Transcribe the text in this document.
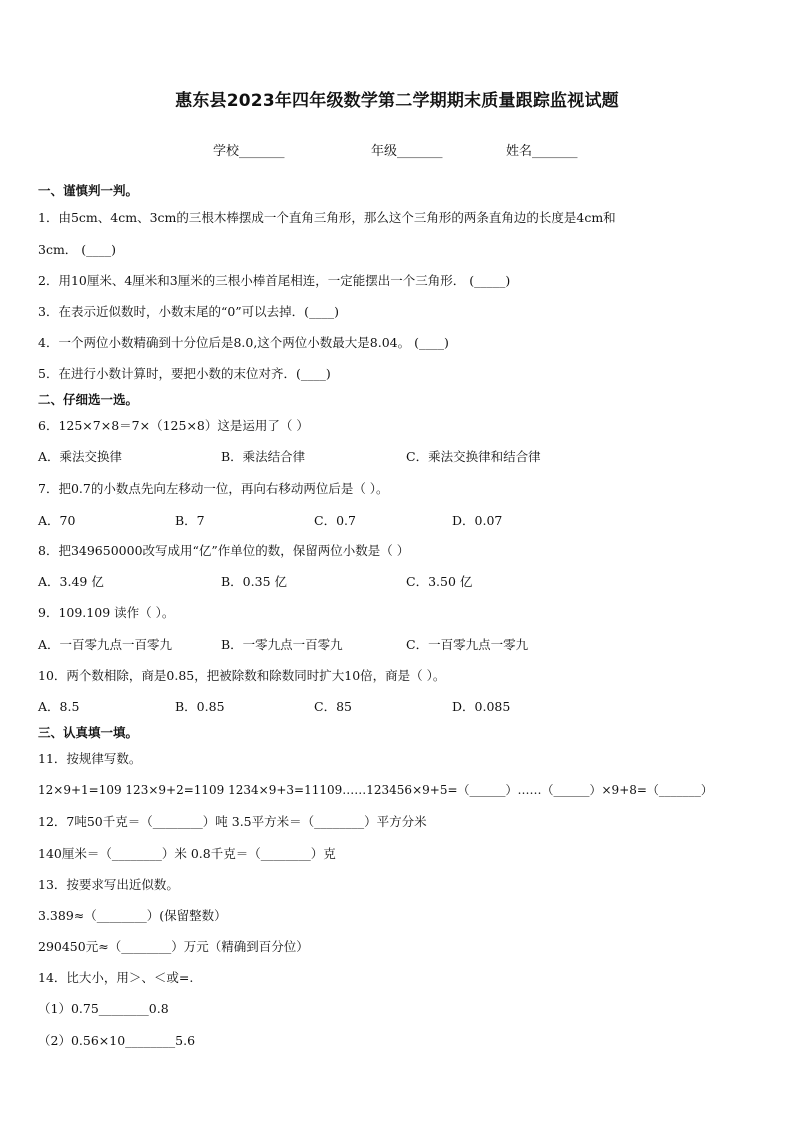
惠东县2023年四年级数学第二学期期末质量跟踪监视试题
学校_______	年级_______	姓名_______
一、谨慎判一判。
1．由5cm、4cm、3cm的三根木棒摆成一个直角三角形，那么这个三角形的两条直角边的长度是4cm和
3cm． (____)
2．用10厘米、4厘米和3厘米的三根小棒首尾相连，一定能摆出一个三角形． (_____)
3．在表示近似数时，小数末尾的“0”可以去掉．(____)
4．一个两位小数精确到十分位后是8.0,这个两位小数最大是8.04。 (____)
5．在进行小数计算时，要把小数的末位对齐．(____)
二、仔细选一选。
6．125×7×8＝7×（125×8）这是运用了（ ）
A．乘法交换律	B．乘法结合律	C．乘法交换律和结合律
7．把0.7的小数点先向左移动一位，再向右移动两位后是（ ）。
A．70	B．7	C．0.7	D．0.07
8．把349650000改写成用“亿”作单位的数，保留两位小数是（ ）
A．3.49 亿	B．0.35 亿	C．3.50 亿
9．109.109 读作（ ）。
A．一百零九点一百零九	B．一零九点一百零九	C．一百零九点一零九
10．两个数相除，商是0.85，把被除数和除数同时扩大10倍，商是（ ）。
A．8.5	B．0.85	C．85	D．0.085
三、认真填一填。
11．按规律写数。
12×9+1=109 123×9+2=1109 1234×9+3=11109……123456×9+5=（______）……（______）×9+8=（_______）
12．7吨50千克＝（________）吨 3.5平方米＝（________）平方分米
140厘米＝（________）米 0.8千克＝（________）克
13．按要求写出近似数。
3.389≈（________）(保留整数）
290450元≈（________）万元（精确到百分位）
14．比大小，用＞、＜或=.
（1）0.75________0.8
（2）0.56×10________5.6
